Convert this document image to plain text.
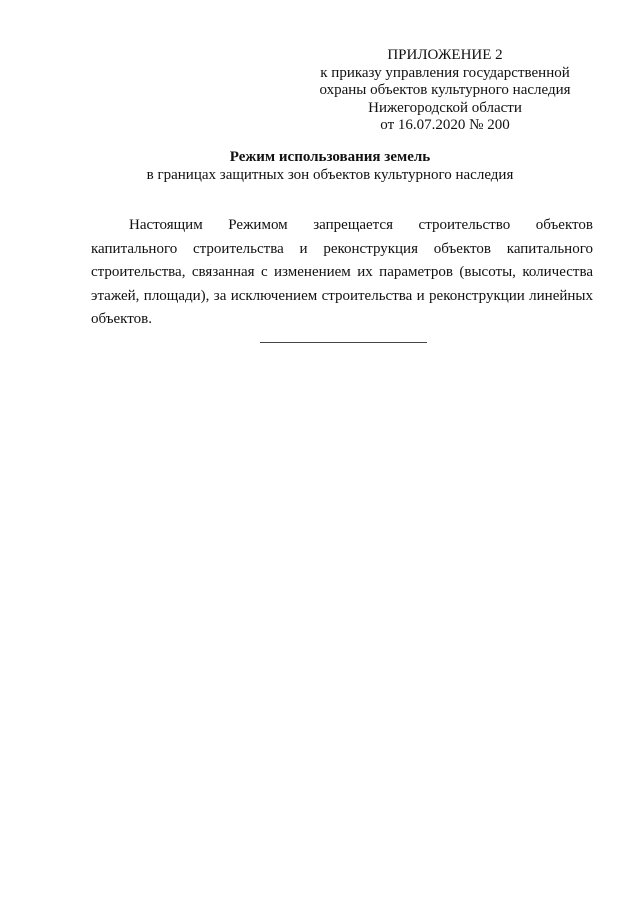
ПРИЛОЖЕНИЕ 2
к приказу управления государственной
охраны объектов культурного наследия
Нижегородской области
от 16.07.2020 № 200
Режим использования земель
в границах защитных зон объектов культурного наследия

Настоящим Режимом запрещается строительство объектов капитального строительства и реконструкция объектов капитального строительства, связанная с изменением их параметров (высоты, количества этажей, площади), за исключением строительства и реконструкции линейных объектов.
